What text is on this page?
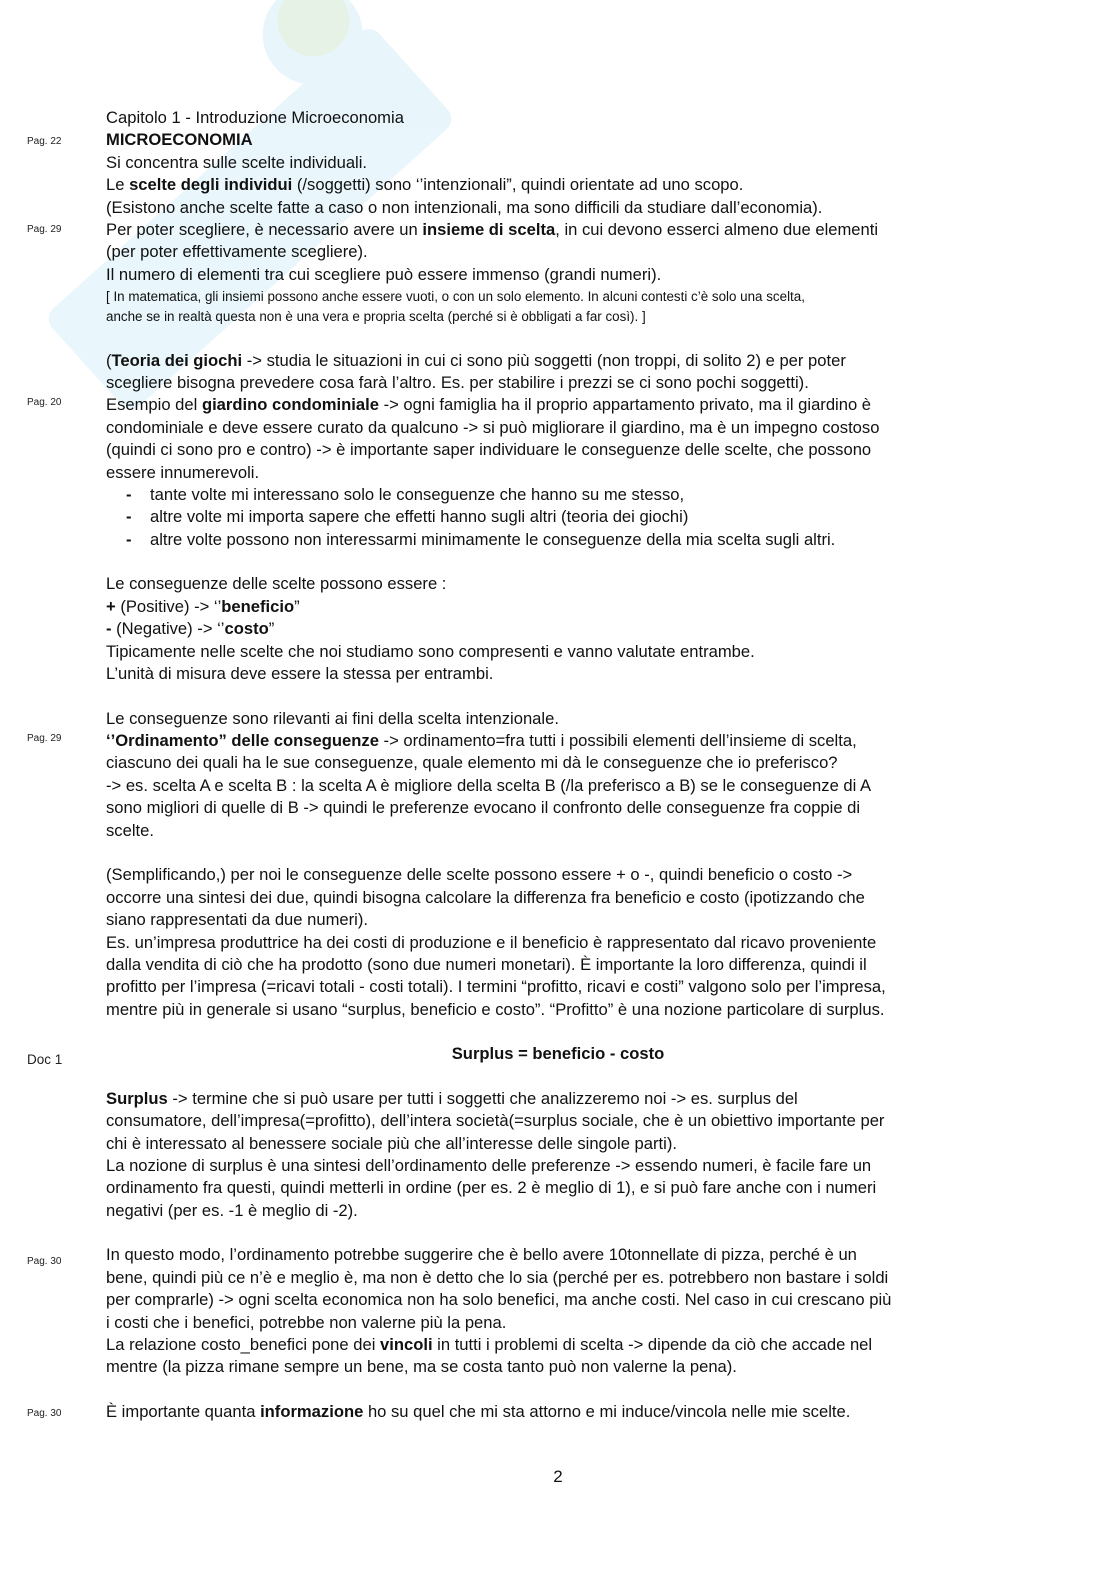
Pag. 22
Pag. 29
Pag. 20
Pag. 29
Doc 1
Pag. 30
Pag. 30
Capitolo 1 - Introduzione Microeconomia
MICROECONOMIA
Si concentra sulle scelte individuali.
Le scelte degli individui (/soggetti) sono ‘’intenzionali”, quindi orientate ad uno scopo.
(Esistono anche scelte fatte a caso o non intenzionali, ma sono difficili da studiare dall’economia).
Per poter scegliere, è necessario avere un insieme di scelta, in cui devono esserci almeno due elementi
(per poter effettivamente scegliere).
Il numero di elementi tra cui scegliere può essere immenso (grandi numeri).
[ In matematica, gli insiemi possono anche essere vuoti, o con un solo elemento. In alcuni contesti c’è solo una scelta,
anche se in realtà questa non è una vera e propria scelta (perché si è obbligati a far così). ]
(Teoria dei giochi -> studia le situazioni in cui ci sono più soggetti (non troppi, di solito 2) e per poter
scegliere bisogna prevedere cosa farà l’altro. Es. per stabilire i prezzi se ci sono pochi soggetti).
Esempio del giardino condominiale -> ogni famiglia ha il proprio appartamento privato, ma il giardino è
condominiale e deve essere curato da qualcuno -> si può migliorare il giardino, ma è un impegno costoso
(quindi ci sono pro e contro) -> è importante saper individuare le conseguenze delle scelte, che possono
essere innumerevoli.
- tante volte mi interessano solo le conseguenze che hanno su me stesso,
- altre volte mi importa sapere che effetti hanno sugli altri (teoria dei giochi)
- altre volte possono non interessarmi minimamente le conseguenze della mia scelta sugli altri.
Le conseguenze delle scelte possono essere :
+ (Positive) -> ‘’beneficio”
- (Negative) -> ‘’costo”
Tipicamente nelle scelte che noi studiamo sono compresenti e vanno valutate entrambe.
L’unità di misura deve essere la stessa per entrambi.
Le conseguenze sono rilevanti ai fini della scelta intenzionale.
‘’Ordinamento” delle conseguenze -> ordinamento=fra tutti i possibili elementi dell’insieme di scelta,
ciascuno dei quali ha le sue conseguenze, quale elemento mi dà le conseguenze che io preferisco?
-> es. scelta A e scelta B : la scelta A è migliore della scelta B (/la preferisco a B) se le conseguenze di A
sono migliori di quelle di B -> quindi le preferenze evocano il confronto delle conseguenze fra coppie di
scelte.
(Semplificando,) per noi le conseguenze delle scelte possono essere + o -, quindi beneficio o costo ->
occorre una sintesi dei due, quindi bisogna calcolare la differenza fra beneficio e costo (ipotizzando che
siano rappresentati da due numeri).
Es. un’impresa produttrice ha dei costi di produzione e il beneficio è rappresentato dal ricavo proveniente
dalla vendita di ciò che ha prodotto (sono due numeri monetari). È importante la loro differenza, quindi il
profitto per l’impresa (=ricavi totali - costi totali). I termini “profitto, ricavi e costi” valgono solo per l’impresa,
mentre più in generale si usano “surplus, beneficio e costo”. “Profitto” è una nozione particolare di surplus.
Surplus = beneficio - costo
Surplus -> termine che si può usare per tutti i soggetti che analizzeremo noi -> es. surplus del
consumatore, dell’impresa(=profitto), dell’intera società(=surplus sociale, che è un obiettivo importante per
chi è interessato al benessere sociale più che all’interesse delle singole parti).
La nozione di surplus è una sintesi dell’ordinamento delle preferenze -> essendo numeri, è facile fare un
ordinamento fra questi, quindi metterli in ordine (per es. 2 è meglio di 1), e si può fare anche con i numeri
negativi (per es. -1 è meglio di -2).
In questo modo, l’ordinamento potrebbe suggerire che è bello avere 10tonnellate di pizza, perché è un
bene, quindi più ce n’è e meglio è, ma non è detto che lo sia (perché per es. potrebbero non bastare i soldi
per comprarle) -> ogni scelta economica non ha solo benefici, ma anche costi. Nel caso in cui crescano più
i costi che i benefici, potrebbe non valerne più la pena.
La relazione costo_benefici pone dei vincoli in tutti i problemi di scelta -> dipende da ciò che accade nel
mentre (la pizza rimane sempre un bene, ma se costa tanto può non valerne la pena).
È importante quanta informazione ho su quel che mi sta attorno e mi induce/vincola nelle mie scelte.
2
